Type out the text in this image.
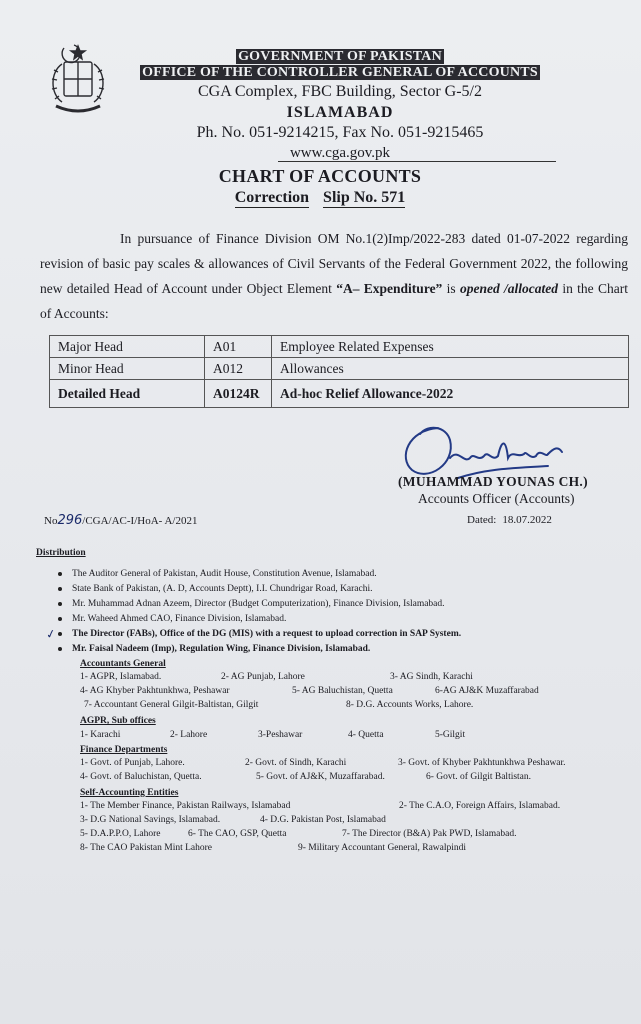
GOVERNMENT OF PAKISTAN
OFFICE OF THE CONTROLLER GENERAL OF ACCOUNTS
CGA Complex, FBC Building, Sector G-5/2
ISLAMABAD
Ph. No. 051-9214215, Fax No. 051-9215465
www.cga.gov.pk
CHART OF ACCOUNTS
Correction Slip No. 571
In pursuance of Finance Division OM No.1(2)Imp/2022-283 dated 01-07-2022 regarding revision of basic pay scales & allowances of Civil Servants of the Federal Government 2022, the following new detailed Head of Account under Object Element “A– Expenditure” is opened /allocated in the Chart of Accounts:
Major Head	A01	Employee Related Expenses
Minor Head	A012	Allowances
Detailed Head	A0124R	Ad-hoc Relief Allowance-2022
(MUHAMMAD YOUNAS CH.)
Accounts Officer (Accounts)
No296/CGA/AC-I/HoA- A/2021	Dated: 18.07.2022
Distribution
The Auditor General of Pakistan, Audit House, Constitution Avenue, Islamabad.
State Bank of Pakistan, (A. D, Accounts Deptt), I.I. Chundrigar Road, Karachi.
Mr. Muhammad Adnan Azeem, Director (Budget Computerization), Finance Division, Islamabad.
Mr. Waheed Ahmed CAO, Finance Division, Islamabad.
✓	The Director (FABs), Office of the DG (MIS) with a request to upload correction in SAP System.
Mr. Faisal Nadeem (Imp), Regulation Wing, Finance Division, Islamabad.
Accountants General
1- AGPR, Islamabad.	2- AG Punjab, Lahore	3- AG Sindh, Karachi
4- AG Khyber Pakhtunkhwa, Peshawar	5- AG Baluchistan, Quetta	6-AG AJ&K Muzaffarabad
7- Accountant General Gilgit-Baltistan, Gilgit	8- D.G. Accounts Works, Lahore.
AGPR, Sub offices
1- Karachi	2- Lahore	3-Peshawar	4- Quetta	5-Gilgit
Finance Departments
1- Govt. of Punjab, Lahore.	2- Govt. of Sindh, Karachi	3- Govt. of Khyber Pakhtunkhwa Peshawar.
4- Govt. of Baluchistan, Quetta.	5- Govt. of AJ&K, Muzaffarabad.	6- Govt. of Gilgit Baltistan.
Self-Accounting Entities
1- The Member Finance, Pakistan Railways, Islamabad	2- The C.A.O, Foreign Affairs, Islamabad.
3- D.G National Savings, Islamabad.	4- D.G. Pakistan Post, Islamabad
5- D.A.P.P.O, Lahore	6- The CAO, GSP, Quetta	7- The Director (B&A) Pak PWD, Islamabad.
8- The CAO Pakistan Mint Lahore	9- Military Accountant General, Rawalpindi
